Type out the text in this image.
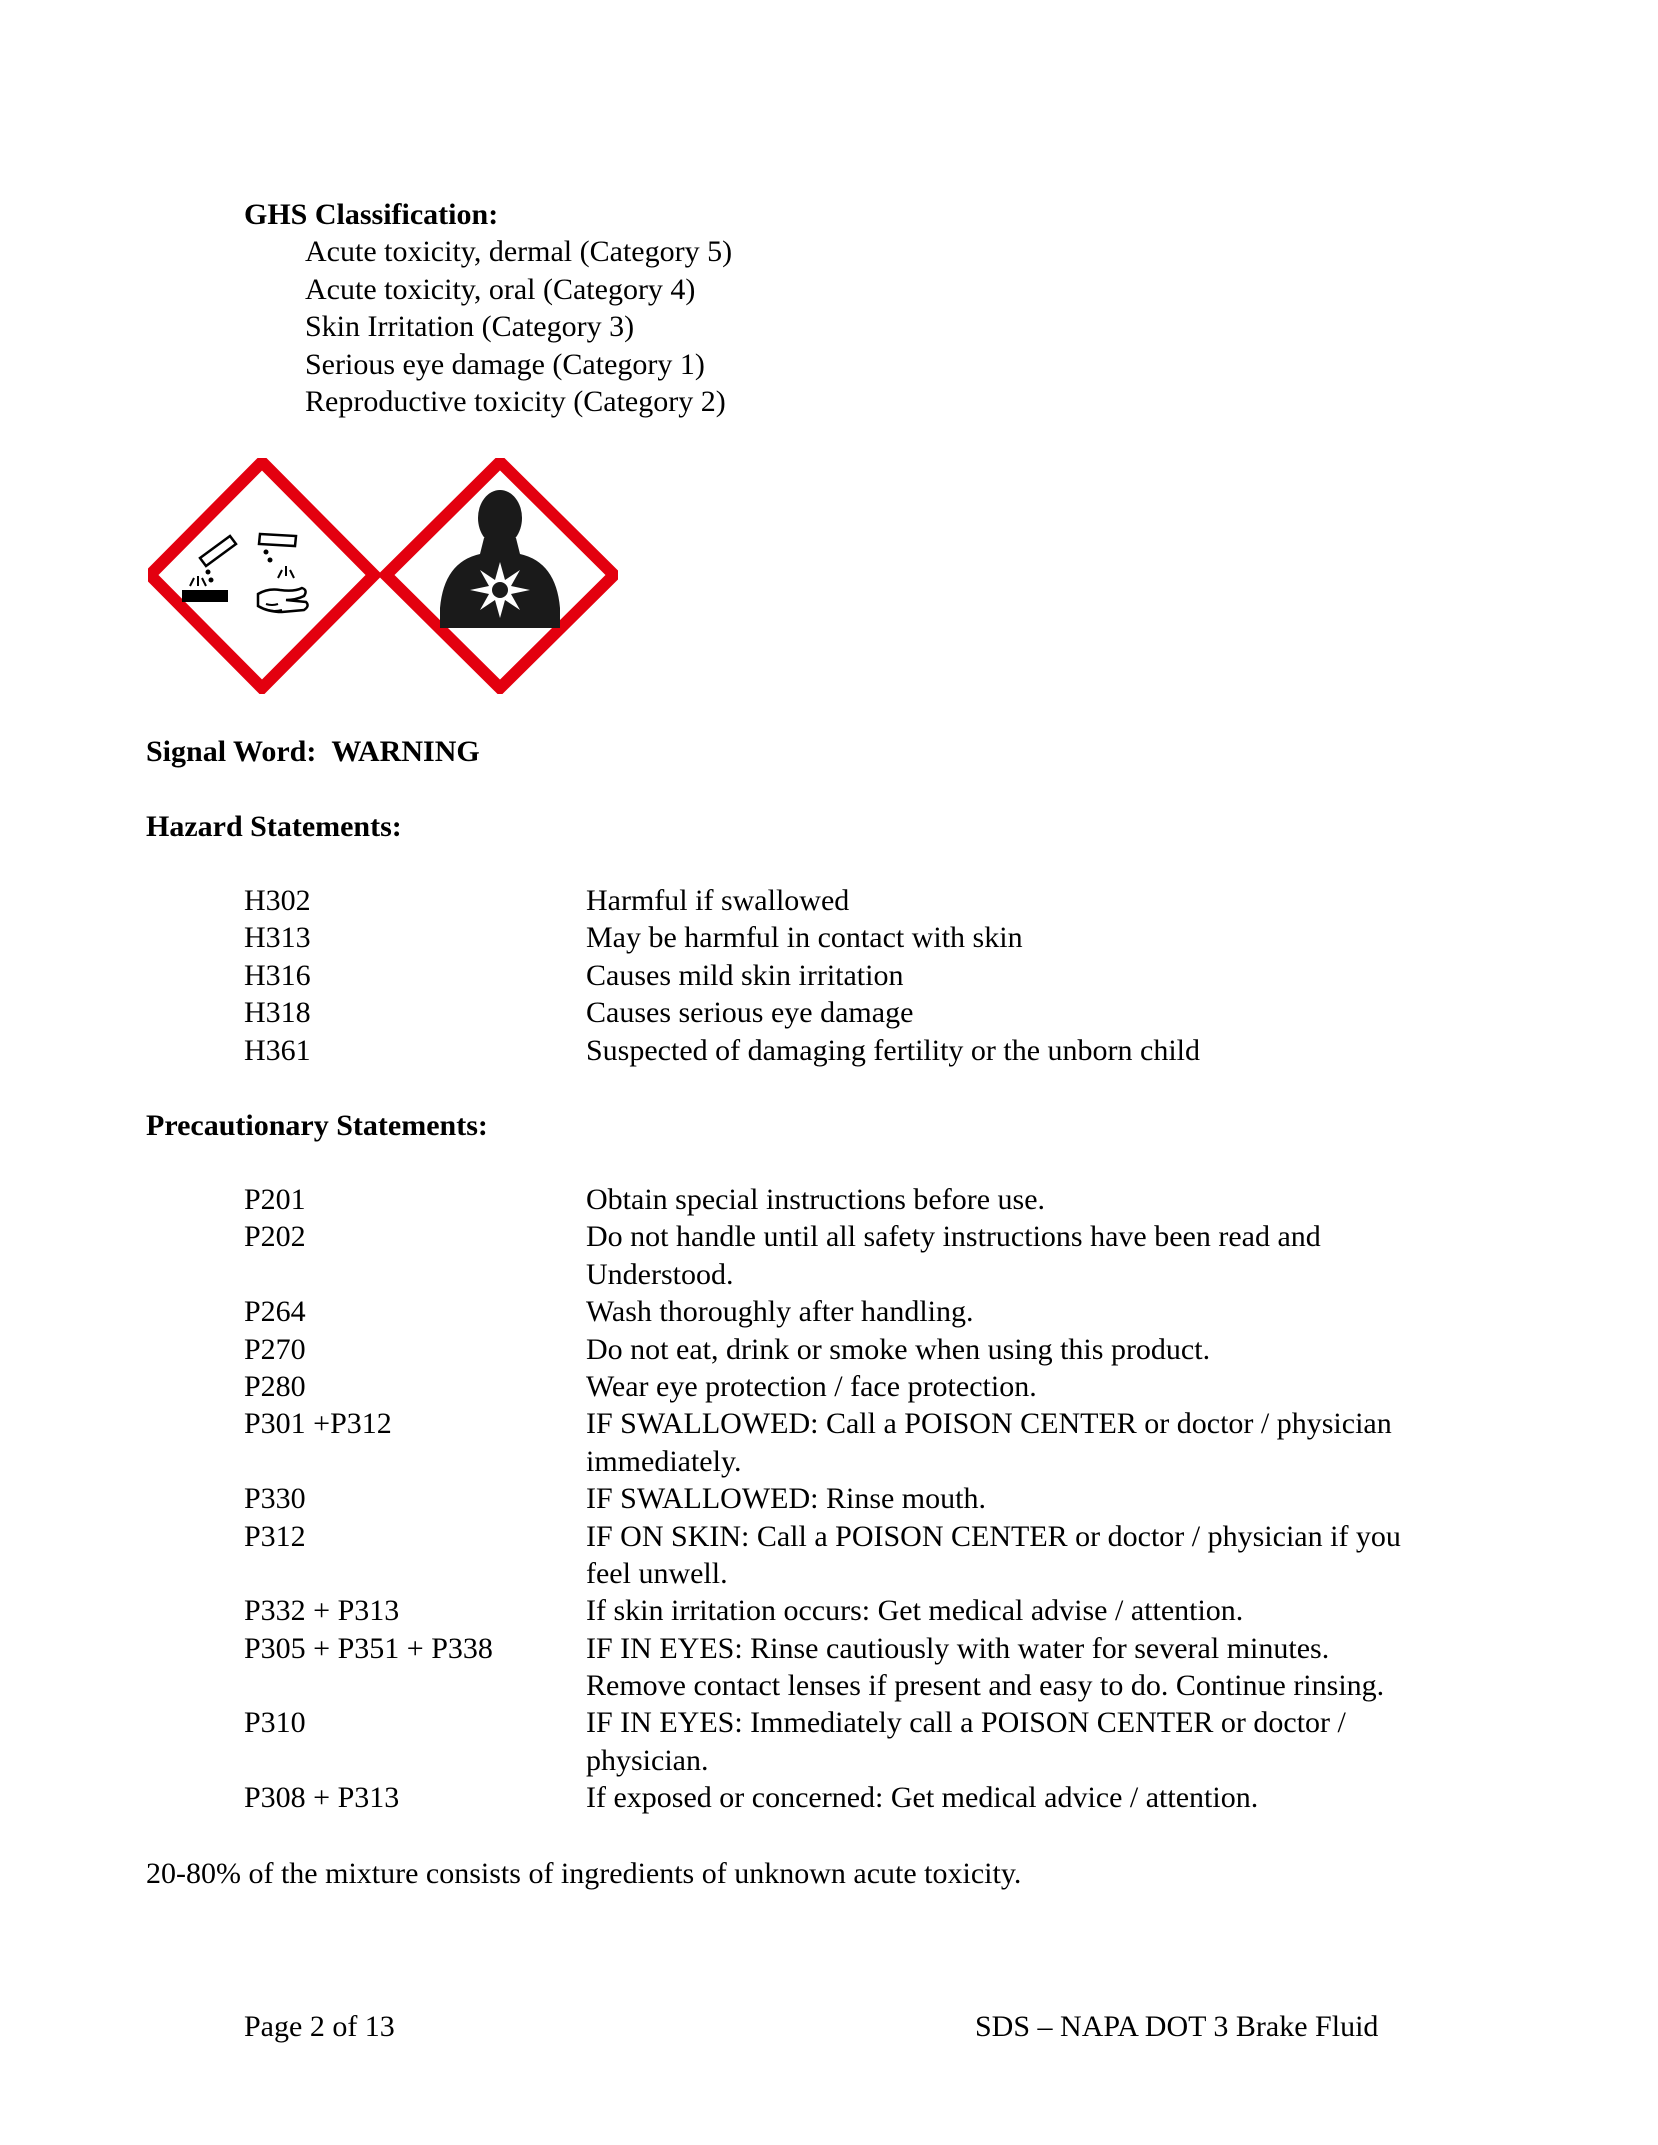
GHS Classification:
Acute toxicity, dermal (Category 5)
Acute toxicity, oral (Category 4)
Skin Irritation (Category 3)
Serious eye damage (Category 1)
Reproductive toxicity (Category 2)
Signal Word: WARNING
Hazard Statements:
H302	Harmful if swallowed
H313	May be harmful in contact with skin
H316	Causes mild skin irritation
H318	Causes serious eye damage
H361	Suspected of damaging fertility or the unborn child
Precautionary Statements:
P201	Obtain special instructions before use.
P202	Do not handle until all safety instructions have been read and
Understood.
P264	Wash thoroughly after handling.
P270	Do not eat, drink or smoke when using this product.
P280	Wear eye protection / face protection.
P301 +P312	IF SWALLOWED: Call a POISON CENTER or doctor / physician
immediately.
P330	IF SWALLOWED: Rinse mouth.
P312	IF ON SKIN: Call a POISON CENTER or doctor / physician if you
feel unwell.
P332 + P313	If skin irritation occurs: Get medical advise / attention.
P305 + P351 + P338	IF IN EYES: Rinse cautiously with water for several minutes.
Remove contact lenses if present and easy to do. Continue rinsing.
P310	IF IN EYES: Immediately call a POISON CENTER or doctor /
physician.
P308 + P313	If exposed or concerned: Get medical advice / attention.
20-80% of the mixture consists of ingredients of unknown acute toxicity.
Page 2 of 13	SDS – NAPA DOT 3 Brake Fluid
